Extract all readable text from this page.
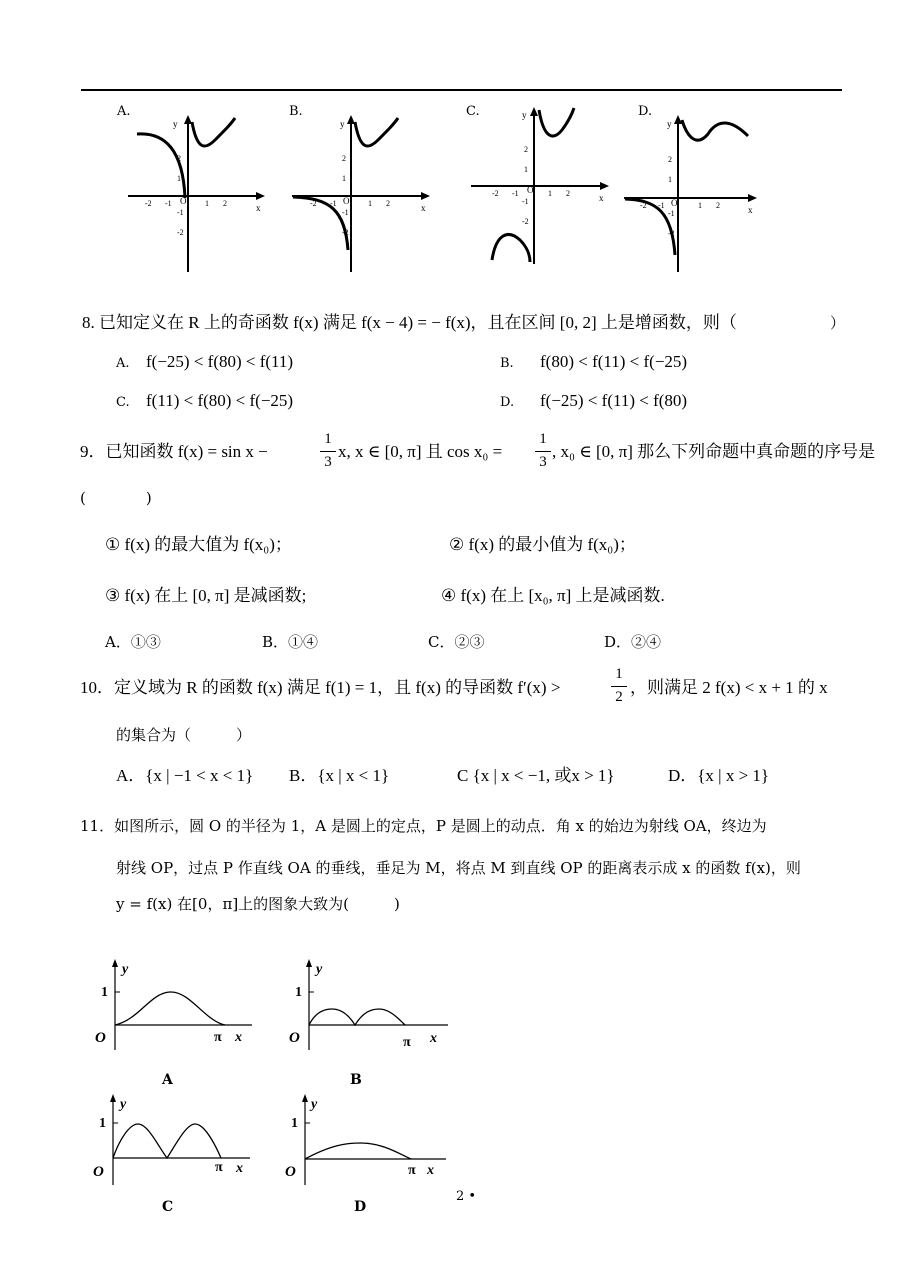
A.	B.	C.	D.
y
x
O
-2 -1	1 2
2
1
-1
-2
y
x
O
-2 -1	1 2
2
1
-1
-2
y
x
O
-2 -1	1 2
2
1
-1
-2
y
x
O
-2 -1	1 2
2
1
-1
-2
8. 已知定义在 R 上的奇函数 f(x) 满足 f(x − 4) = − f(x)，且在区间 [0, 2] 上是增函数，则（	）
A. f(−25) < f(80) < f(11)	B. f(80) < f(11) < f(−25)
C. f(11) < f(80) < f(−25)	D. f(−25) < f(11) < f(80)
9．已知函数 f(x) = sin x −
1
3
x, x ∈ [0, π] 且 cos x₀ =
1
3
, x₀ ∈ [0, π] 那么下列命题中真命题的序号是
(　　　　)
① f(x) 的最大值为 f(x₀)；	② f(x) 的最小值为 f(x₀)；
③ f(x) 在上 [0, π] 是减函数;	④ f(x) 在上 [x₀, π] 上是减函数.
A．①③	B．①④	C．②③	D．②④
10．定义域为 R 的函数 f(x) 满足 f(1) = 1，且 f(x) 的导函数 f′(x) >
1
2 ，则满足 2 f(x) < x + 1 的 x
的集合为（　　　）
A．{x | −1 < x < 1} B．{x | x < 1}	C {x | x < −1, 或x > 1}	D．{x | x > 1}
11．如图所示，圆 O 的半径为 1，A 是圆上的定点，P 是圆上的动点．角 x 的始边为射线 OA，终边为
射线 OP，过点 P 作直线 OA 的垂线，垂足为 M，将点 M 到直线 OP 的距离表示成 x 的函数 f(x)，则
y = f(x) 在[0，π]上的图象大致为(　　　)
y
1
O	π x
A
y
1
O	π x
B
y
1
O	π x
C
y
1
O	π x
D
2 •
